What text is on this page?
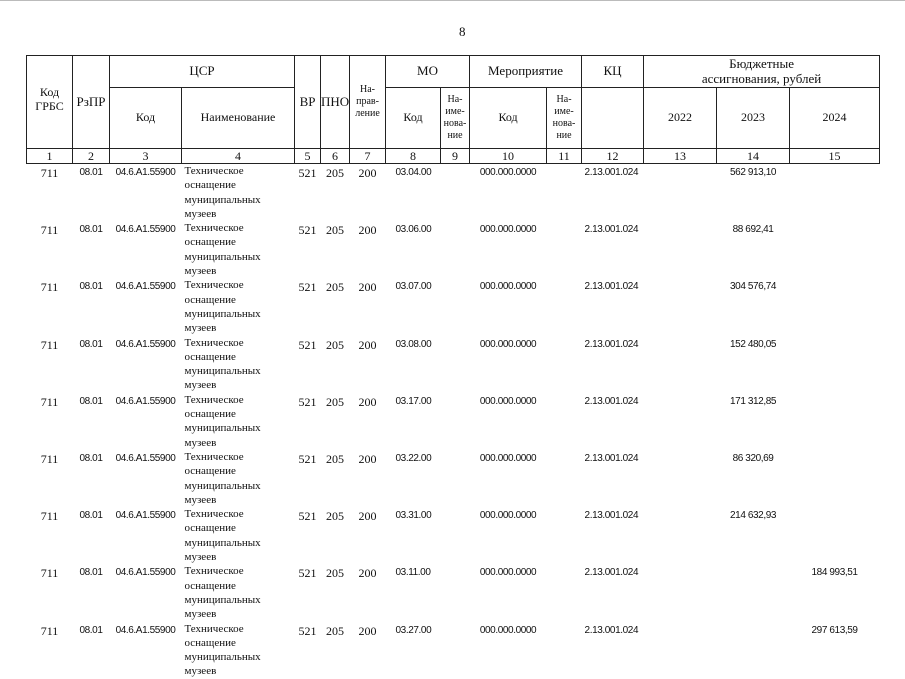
8
Код ГРБС	РзПР	ЦСР		ВР	ПНО	На-
прав-
ление	МО		Мероприятие		КЦ	Бюджетные
ассигнования, рублей		
		Код	Наименование				Код	На-
име-
нова-
ние	Код	На-
име-
нова-
ние		2022	2023	2024
1	2	3	4	5	6	7	8	9	10	11	12	13	14	15
711	08.01	04.6.A1.55900	Техническое оснащение муниципальных музеев	521	205	200	03.04.00		000.000.0000		2.13.001.024		562 913,10	
711	08.01	04.6.A1.55900	Техническое оснащение муниципальных музеев	521	205	200	03.06.00		000.000.0000		2.13.001.024		88 692,41	
711	08.01	04.6.A1.55900	Техническое оснащение муниципальных музеев	521	205	200	03.07.00		000.000.0000		2.13.001.024		304 576,74	
711	08.01	04.6.A1.55900	Техническое оснащение муниципальных музеев	521	205	200	03.08.00		000.000.0000		2.13.001.024		152 480,05	
711	08.01	04.6.A1.55900	Техническое оснащение муниципальных музеев	521	205	200	03.17.00		000.000.0000		2.13.001.024		171 312,85	
711	08.01	04.6.A1.55900	Техническое оснащение муниципальных музеев	521	205	200	03.22.00		000.000.0000		2.13.001.024		86 320,69	
711	08.01	04.6.A1.55900	Техническое оснащение муниципальных музеев	521	205	200	03.31.00		000.000.0000		2.13.001.024		214 632,93	
711	08.01	04.6.A1.55900	Техническое оснащение муниципальных музеев	521	205	200	03.11.00		000.000.0000		2.13.001.024			184 993,51
711	08.01	04.6.A1.55900	Техническое оснащение муниципальных музеев	521	205	200	03.27.00		000.000.0000		2.13.001.024			297 613,59
